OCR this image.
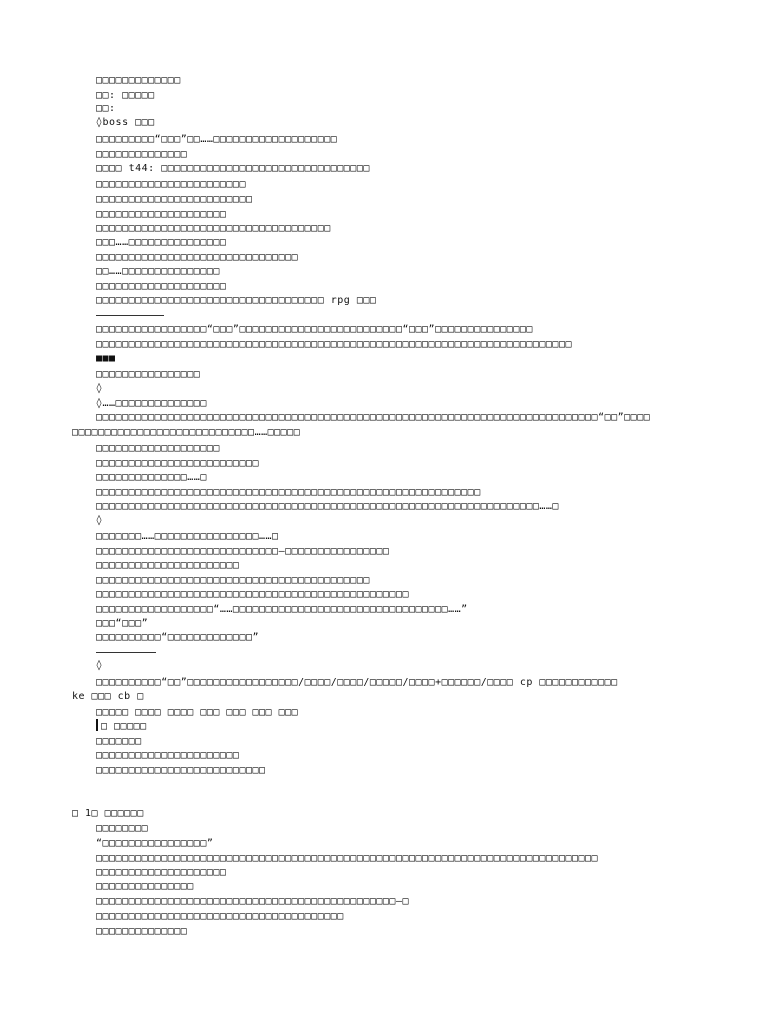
□□□□□□□□□□□□□
□□: □□□□□
□□:
◊boss □□□
□□□□□□□□□“□□□”□□……□□□□□□□□□□□□□□□□□□□
□□□□□□□□□□□□□□
□□□□ t44: □□□□□□□□□□□□□□□□□□□□□□□□□□□□□□□□
□□□□□□□□□□□□□□□□□□□□□□□
□□□□□□□□□□□□□□□□□□□□□□□□
□□□□□□□□□□□□□□□□□□□□
□□□□□□□□□□□□□□□□□□□□□□□□□□□□□□□□□□□□
□□□……□□□□□□□□□□□□□□□
□□□□□□□□□□□□□□□□□□□□□□□□□□□□□□□
□□……□□□□□□□□□□□□□□□
□□□□□□□□□□□□□□□□□□□□
□□□□□□□□□□□□□□□□□□□□□□□□□□□□□□□□□□□ rpg □□□
□□□□□□□□□□□□□□□□□“□□□”□□□□□□□□□□□□□□□□□□□□□□□□□“□□□”□□□□□□□□□□□□□□□
□□□□□□□□□□□□□□□□□□□□□□□□□□□□□□□□□□□□□□□□□□□□□□□□□□□□□□□□□□□□□□□□□□□□□□□□□
■■■
□□□□□□□□□□□□□□□□
◊
◊……□□□□□□□□□□□□□□
□□□□□□□□□□□□□□□□□□□□□□□□□□□□□□□□□□□□□□□□□□□□□□□□□□□□□□□□□□□□□□□□□□□□□□□□□□□□□“□□”□□□□
□□□□□□□□□□□□□□□□□□□□□□□□□□□□……□□□□□
□□□□□□□□□□□□□□□□□□□
□□□□□□□□□□□□□□□□□□□□□□□□□
□□□□□□□□□□□□□□……□
□□□□□□□□□□□□□□□□□□□□□□□□□□□□□□□□□□□□□□□□□□□□□□□□□□□□□□□□□□□
□□□□□□□□□□□□□□□□□□□□□□□□□□□□□□□□□□□□□□□□□□□□□□□□□□□□□□□□□□□□□□□□□□□□……□
◊
□□□□□□□……□□□□□□□□□□□□□□□□……□
□□□□□□□□□□□□□□□□□□□□□□□□□□□□—□□□□□□□□□□□□□□□□
□□□□□□□□□□□□□□□□□□□□□□
□□□□□□□□□□□□□□□□□□□□□□□□□□□□□□□□□□□□□□□□□□
□□□□□□□□□□□□□□□□□□□□□□□□□□□□□□□□□□□□□□□□□□□□□□□□
□□□□□□□□□□□□□□□□□□“……□□□□□□□□□□□□□□□□□□□□□□□□□□□□□□□□□……”
□□□“□□□”
□□□□□□□□□□“□□□□□□□□□□□□□”
◊
□□□□□□□□□□“□□”□□□□□□□□□□□□□□□□□/□□□□/□□□□/□□□□□/□□□□+□□□□□□/□□□□ cp □□□□□□□□□□□□
ke □□□ cb □
□□□□□ □□□□ □□□□ □□□ □□□ □□□ □□□
□ □□□□□
□□□□□□□
□□□□□□□□□□□□□□□□□□□□□□
□□□□□□□□□□□□□□□□□□□□□□□□□□
□ 1□ □□□□□□
□□□□□□□□
“□□□□□□□□□□□□□□□□”
□□□□□□□□□□□□□□□□□□□□□□□□□□□□□□□□□□□□□□□□□□□□□□□□□□□□□□□□□□□□□□□□□□□□□□□□□□□□□
□□□□□□□□□□□□□□□□□□□□
□□□□□□□□□□□□□□□
□□□□□□□□□□□□□□□□□□□□□□□□□□□□□□□□□□□□□□□□□□□□□□—□
□□□□□□□□□□□□□□□□□□□□□□□□□□□□□□□□□□□□□□
□□□□□□□□□□□□□□
